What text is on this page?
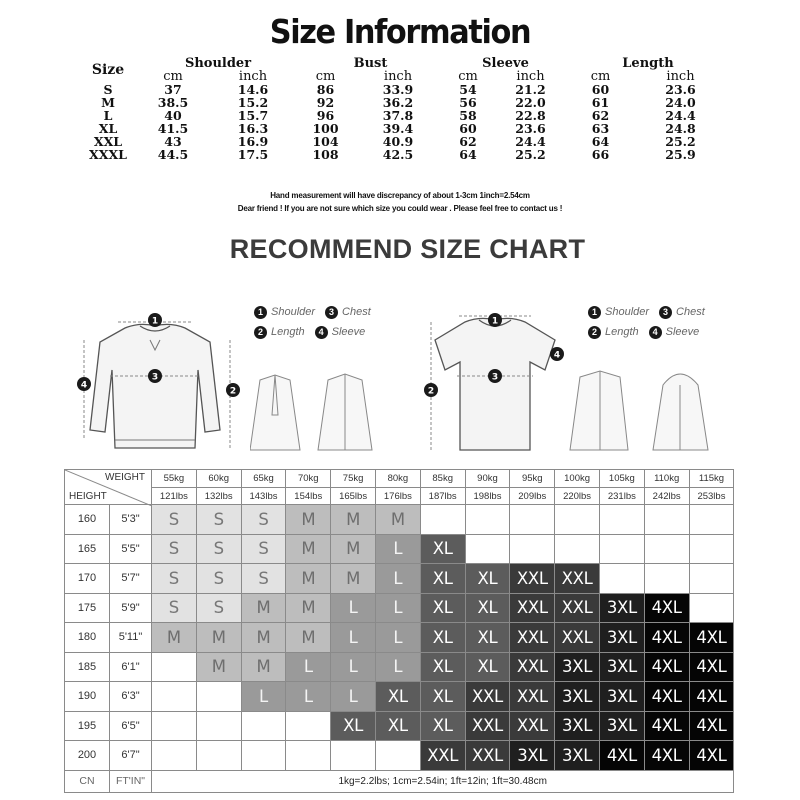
Size Information
Size	Shoulder		Bust		Sleeve		Length	
	cm	inch	cm	inch	cm	inch	cm	inch
S	37	14.6	86	33.9	54	21.2	60	23.6
M	38.5	15.2	92	36.2	56	22.0	61	24.0
L	40	15.7	96	37.8	58	22.8	62	24.4
XL	41.5	16.3	100	39.4	60	23.6	63	24.8
XXL	43	16.9	104	40.9	62	24.4	64	25.2
XXXL	44.5	17.5	108	42.5	64	25.2	66	25.9
Hand measurement will have discrepancy of about 1-3cm 1inch=2.54cm
Dear friend ! If you are not sure which size you could wear . Please feel free to contact us !
RECOMMEND SIZE CHART
1
3
4
2
1 Shoulder	3 Chest
2 Length	4 Sleeve
1
3
2
4
1 Shoulder	3 Chest
2 Length	4 Sleeve
WEIGHT
HEIGHT		55kg	60kg	65kg	70kg	75kg	80kg	85kg	90kg	95kg	100kg	105kg	110kg	115kg
		121lbs	132lbs	143lbs	154lbs	165lbs	176lbs	187lbs	198lbs	209lbs	220lbs	231lbs	242lbs	253lbs
160	5'3"	S	S	S	M	M	M							
165	5'5"	S	S	S	M	M	L	XL						
170	5'7"	S	S	S	M	M	L	XL	XL	XXL	XXL			
175	5'9"	S	S	M	M	L	L	XL	XL	XXL	XXL	3XL	4XL	
180	5'11"	M	M	M	M	L	L	XL	XL	XXL	XXL	3XL	4XL	4XL
185	6'1"		M	M	L	L	L	XL	XL	XXL	3XL	3XL	4XL	4XL
190	6'3"			L	L	L	XL	XL	XXL	XXL	3XL	3XL	4XL	4XL
195	6'5"					XL	XL	XL	XXL	XXL	3XL	3XL	4XL	4XL
200	6'7"							XXL	XXL	3XL	3XL	4XL	4XL	4XL
CN	FT'IN"	1kg=2.2lbs; 1cm=2.54in; 1ft=12in; 1ft=30.48cm												
